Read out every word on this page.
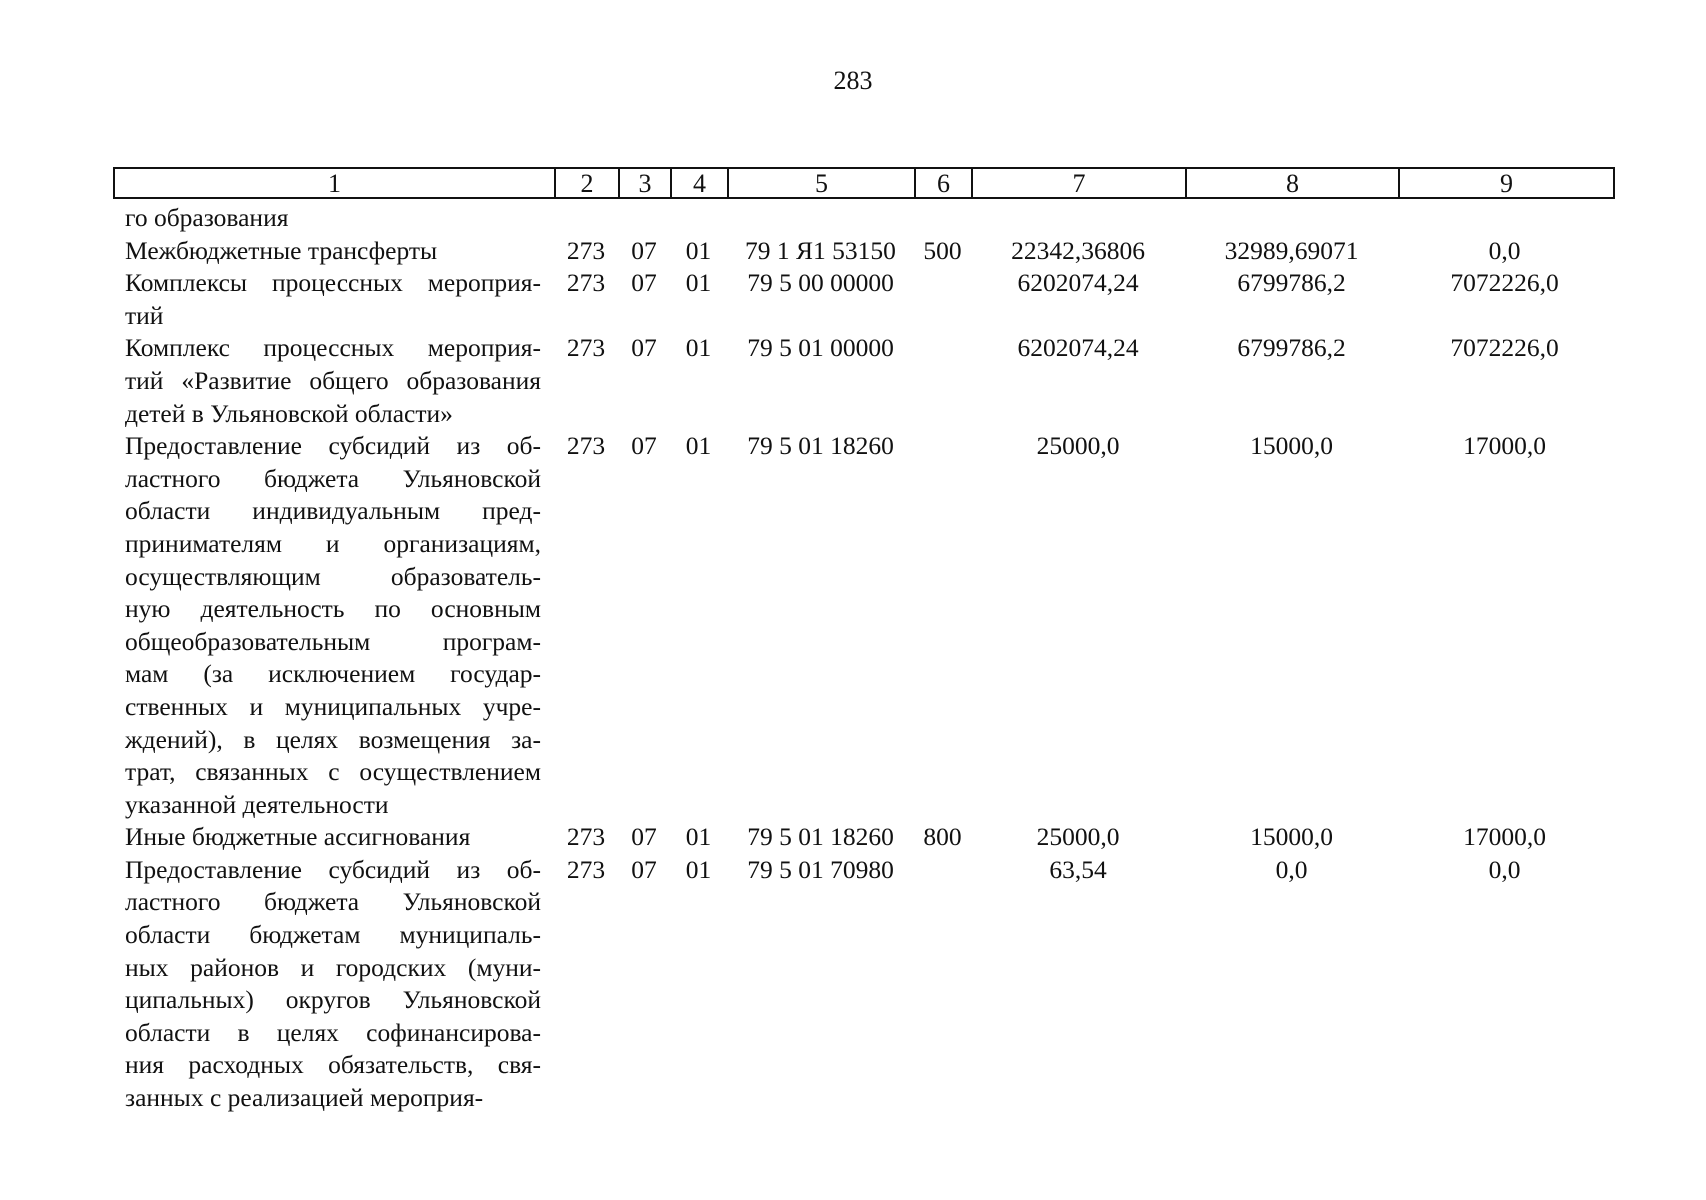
283
1	2	3	4	5	6	7	8	9
го образования
Межбюджетные трансферты	273	07	01	79 1 Я1 53150	500	22342,36806	32989,69071	0,0
Комплексы процессных мероприя-
тий
273	07	01	79 5 00 00000	6202074,24	6799786,2	7072226,0
Комплекс процессных мероприя-
тий «Развитие общего образования
детей в Ульяновской области»
273	07	01	79 5 01 00000	6202074,24	6799786,2	7072226,0
Предоставление субсидий из об-
ластного бюджета Ульяновской
области индивидуальным пред-
принимателям и организациям,
осуществляющим образователь-
ную деятельность по основным
общеобразовательным програм-
мам (за исключением государ-
ственных и муниципальных учре-
ждений), в целях возмещения за-
трат, связанных с осуществлением
указанной деятельности
273	07	01	79 5 01 18260	25000,0	15000,0	17000,0
Иные бюджетные ассигнования	273	07	01	79 5 01 18260	800	25000,0	15000,0	17000,0
Предоставление субсидий из об-
ластного бюджета Ульяновской
области бюджетам муниципаль-
ных районов и городских (муни-
ципальных) округов Ульяновской
области в целях софинансирова-
ния расходных обязательств, свя-
занных с реализацией мероприя-
273	07	01	79 5 01 70980	63,54	0,0	0,0
